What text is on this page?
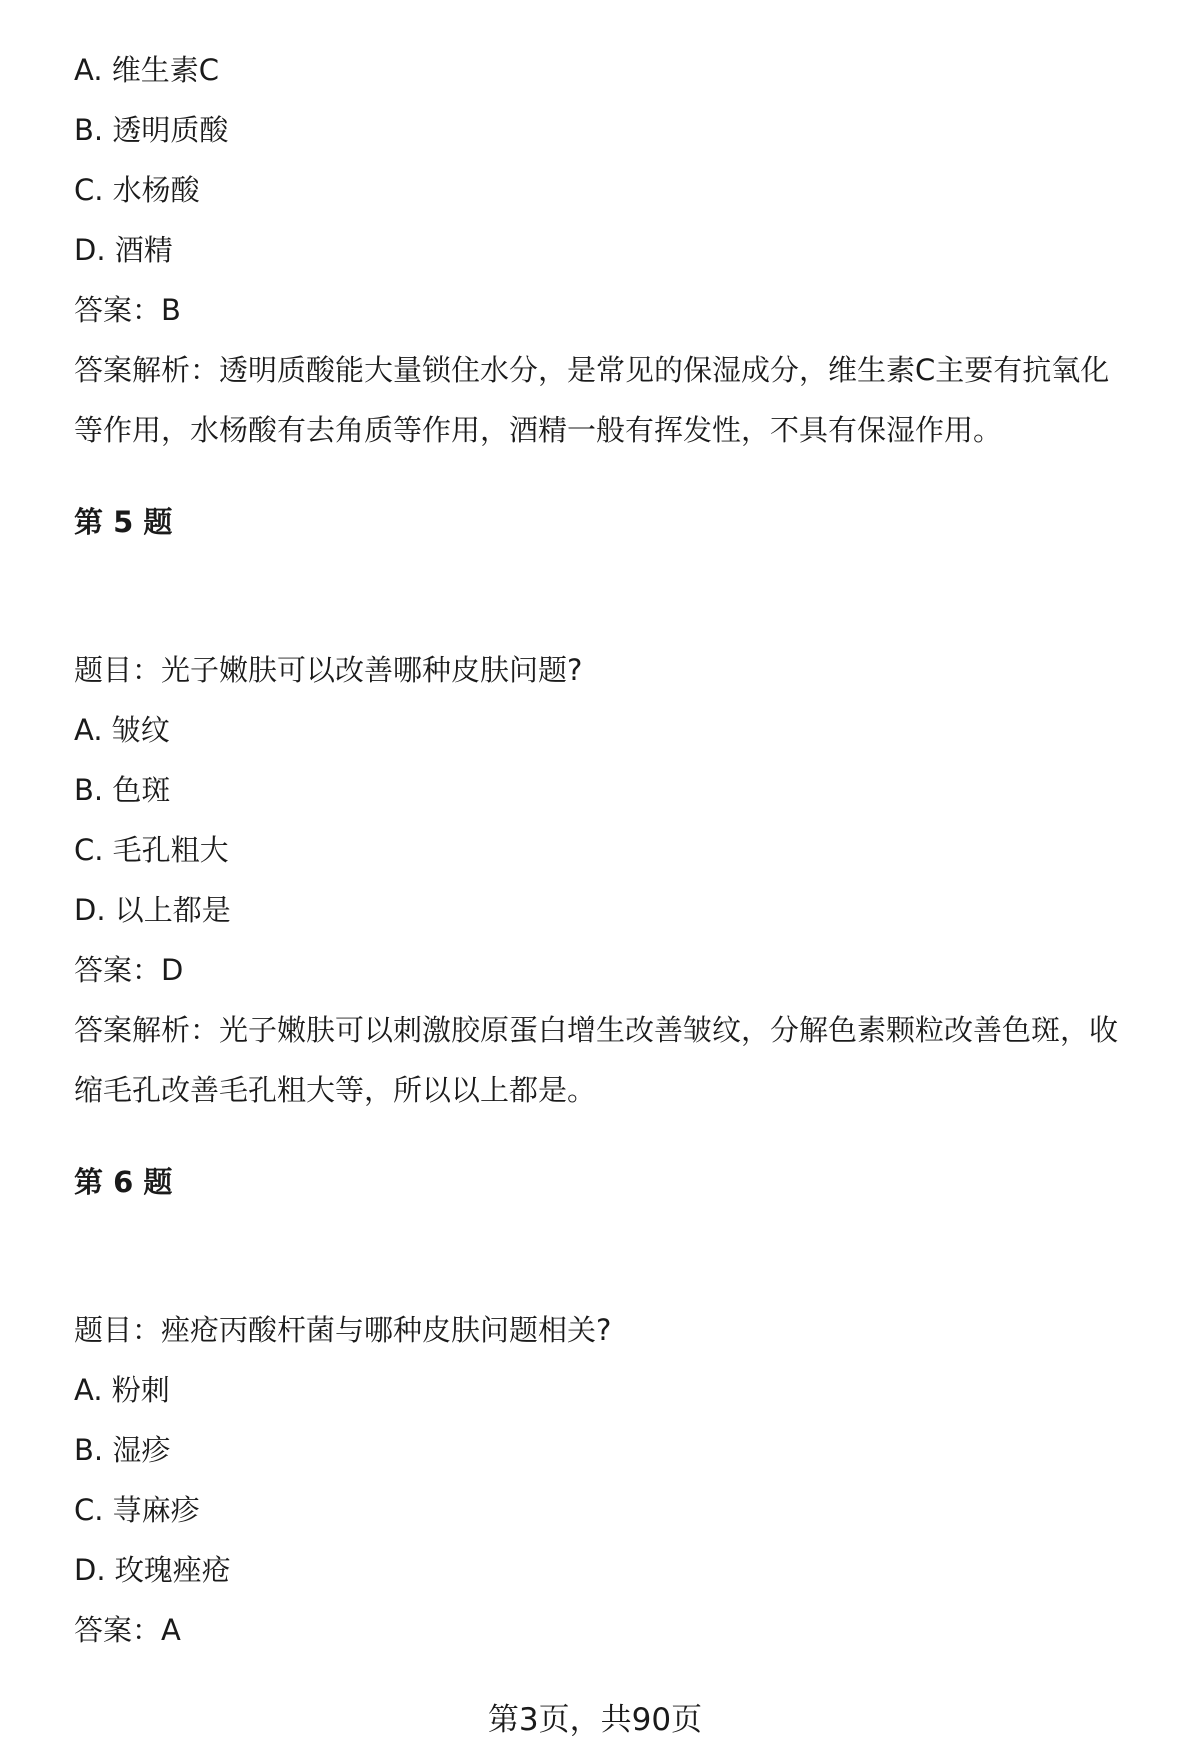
A. 维生素C
B. 透明质酸
C. 水杨酸
D. 酒精
答案：B
答案解析：透明质酸能大量锁住水分，是常见的保湿成分，维生素C主要有抗氧化
等作用，水杨酸有去角质等作用，酒精一般有挥发性，不具有保湿作用。
第 5 题
题目：光子嫩肤可以改善哪种皮肤问题?
A. 皱纹
B. 色斑
C. 毛孔粗大
D. 以上都是
答案：D
答案解析：光子嫩肤可以刺激胶原蛋白增生改善皱纹，分解色素颗粒改善色斑，收
缩毛孔改善毛孔粗大等，所以以上都是。
第 6 题
题目：痤疮丙酸杆菌与哪种皮肤问题相关?
A. 粉刺
B. 湿疹
C. 荨麻疹
D. 玫瑰痤疮
答案：A
第3页，共90页
